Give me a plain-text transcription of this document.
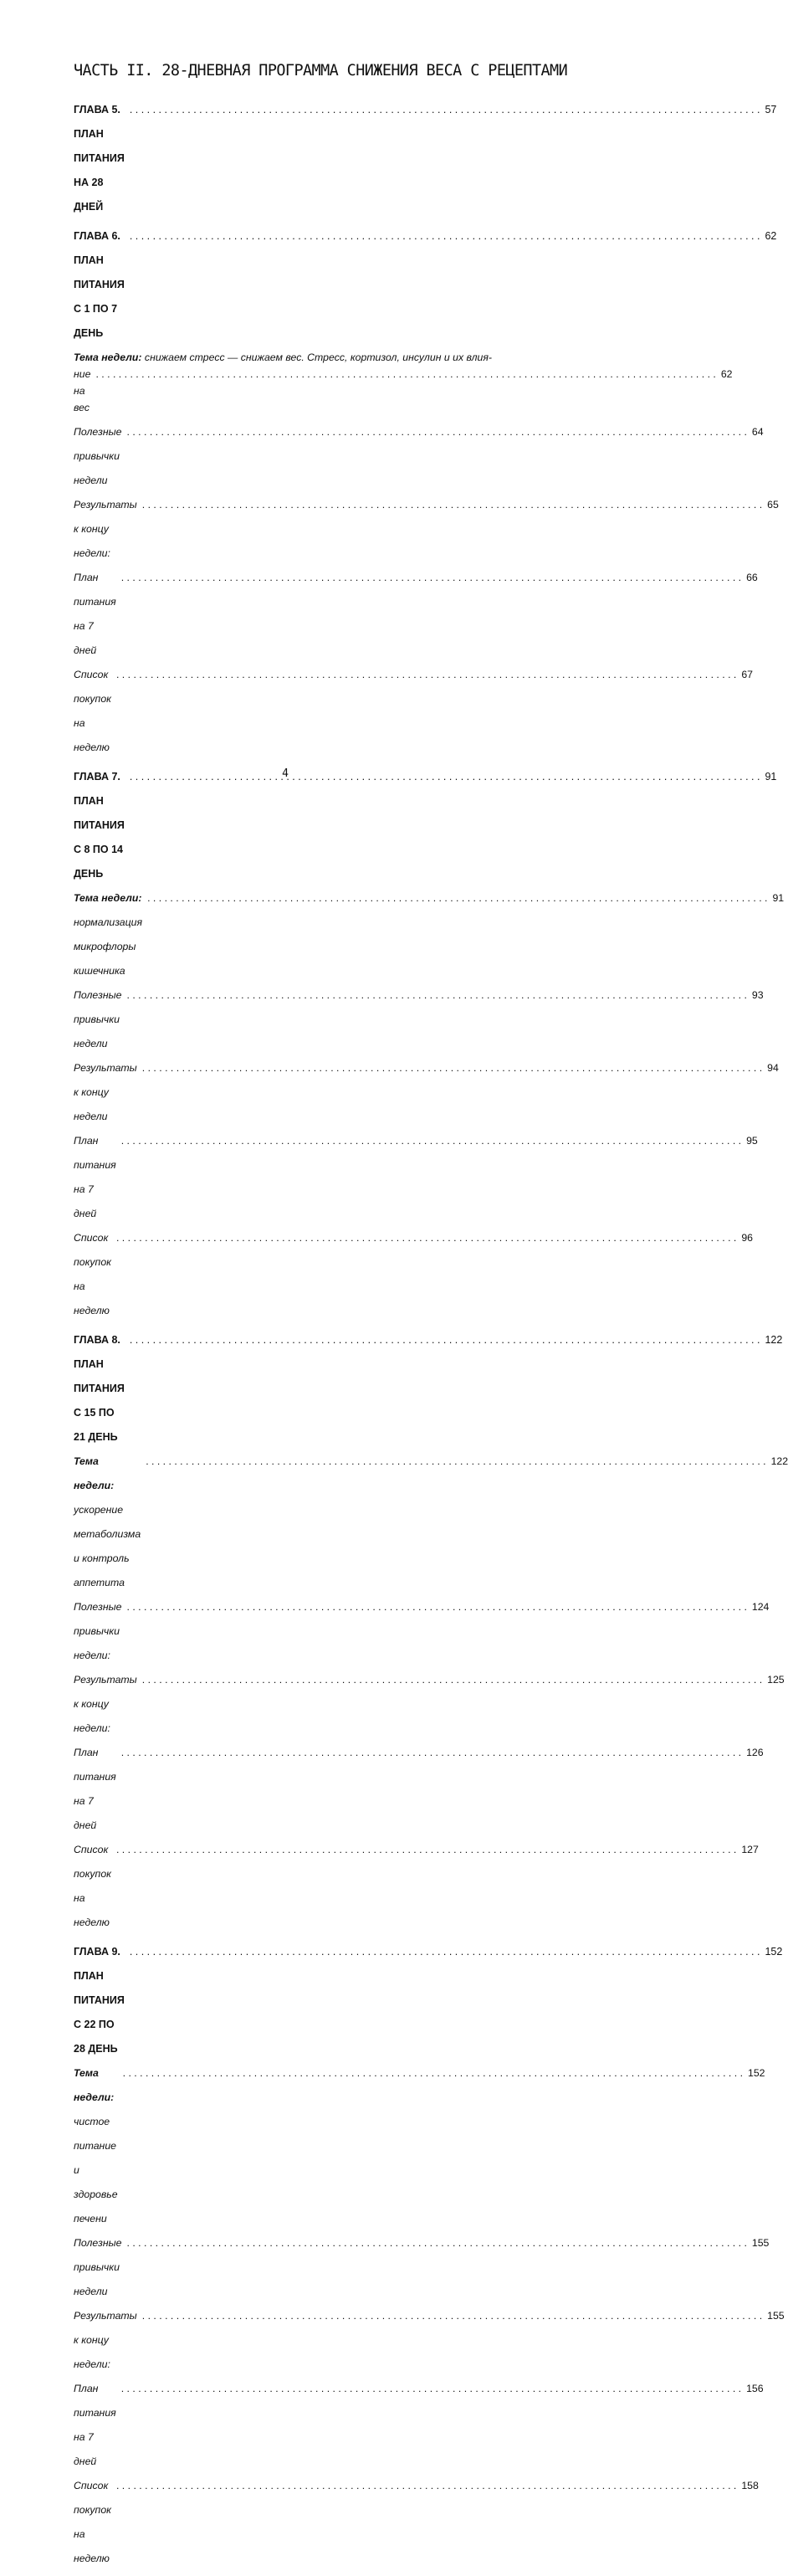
ЧАСТЬ II. 28-ДНЕВНАЯ ПРОГРАММА СНИЖЕНИЯ ВЕСА С РЕЦЕПТАМИ
ГЛАВА 5. ПЛАН ПИТАНИЯ НА 28 ДНЕЙ
. . .
57
ГЛАВА 6. ПЛАН ПИТАНИЯ С 1 ПО 7 ДЕНЬ
. . .
62
Тема недели: снижаем стресс — снижаем вес. Стресс, кортизол, инсулин и их влия-
ние на вес
. . .
62
Полезные привычки недели
. . .
64
Результаты к концу недели:
. . .
65
План питания на 7 дней
. . .
66
Список покупок на неделю
. . .
67
ГЛАВА 7. ПЛАН ПИТАНИЯ С 8 ПО 14 ДЕНЬ
. . .
91
Тема недели: нормализация микрофлоры кишечника
. . .
91
Полезные привычки недели
. . .
93
Результаты к концу недели
. . .
94
План питания на 7 дней
. . .
95
Список покупок на неделю
. . .
96
ГЛАВА 8. ПЛАН ПИТАНИЯ С 15 ПО 21 ДЕНЬ
. . .
122
Тема недели: ускорение метаболизма и контроль аппетита
. . .
122
Полезные привычки недели:
. . .
124
Результаты к концу недели:
. . .
125
План питания на 7 дней
. . .
126
Список покупок на неделю
. . .
127
ГЛАВА 9. ПЛАН ПИТАНИЯ С 22 ПО 28 ДЕНЬ
. . .
152
Тема недели: чистое питание и здоровье печени
. . .
152
Полезные привычки недели
. . .
155
Результаты к концу недели:
. . .
155
План питания на 7 дней
. . .
156
Список покупок на неделю
. . .
158
4
